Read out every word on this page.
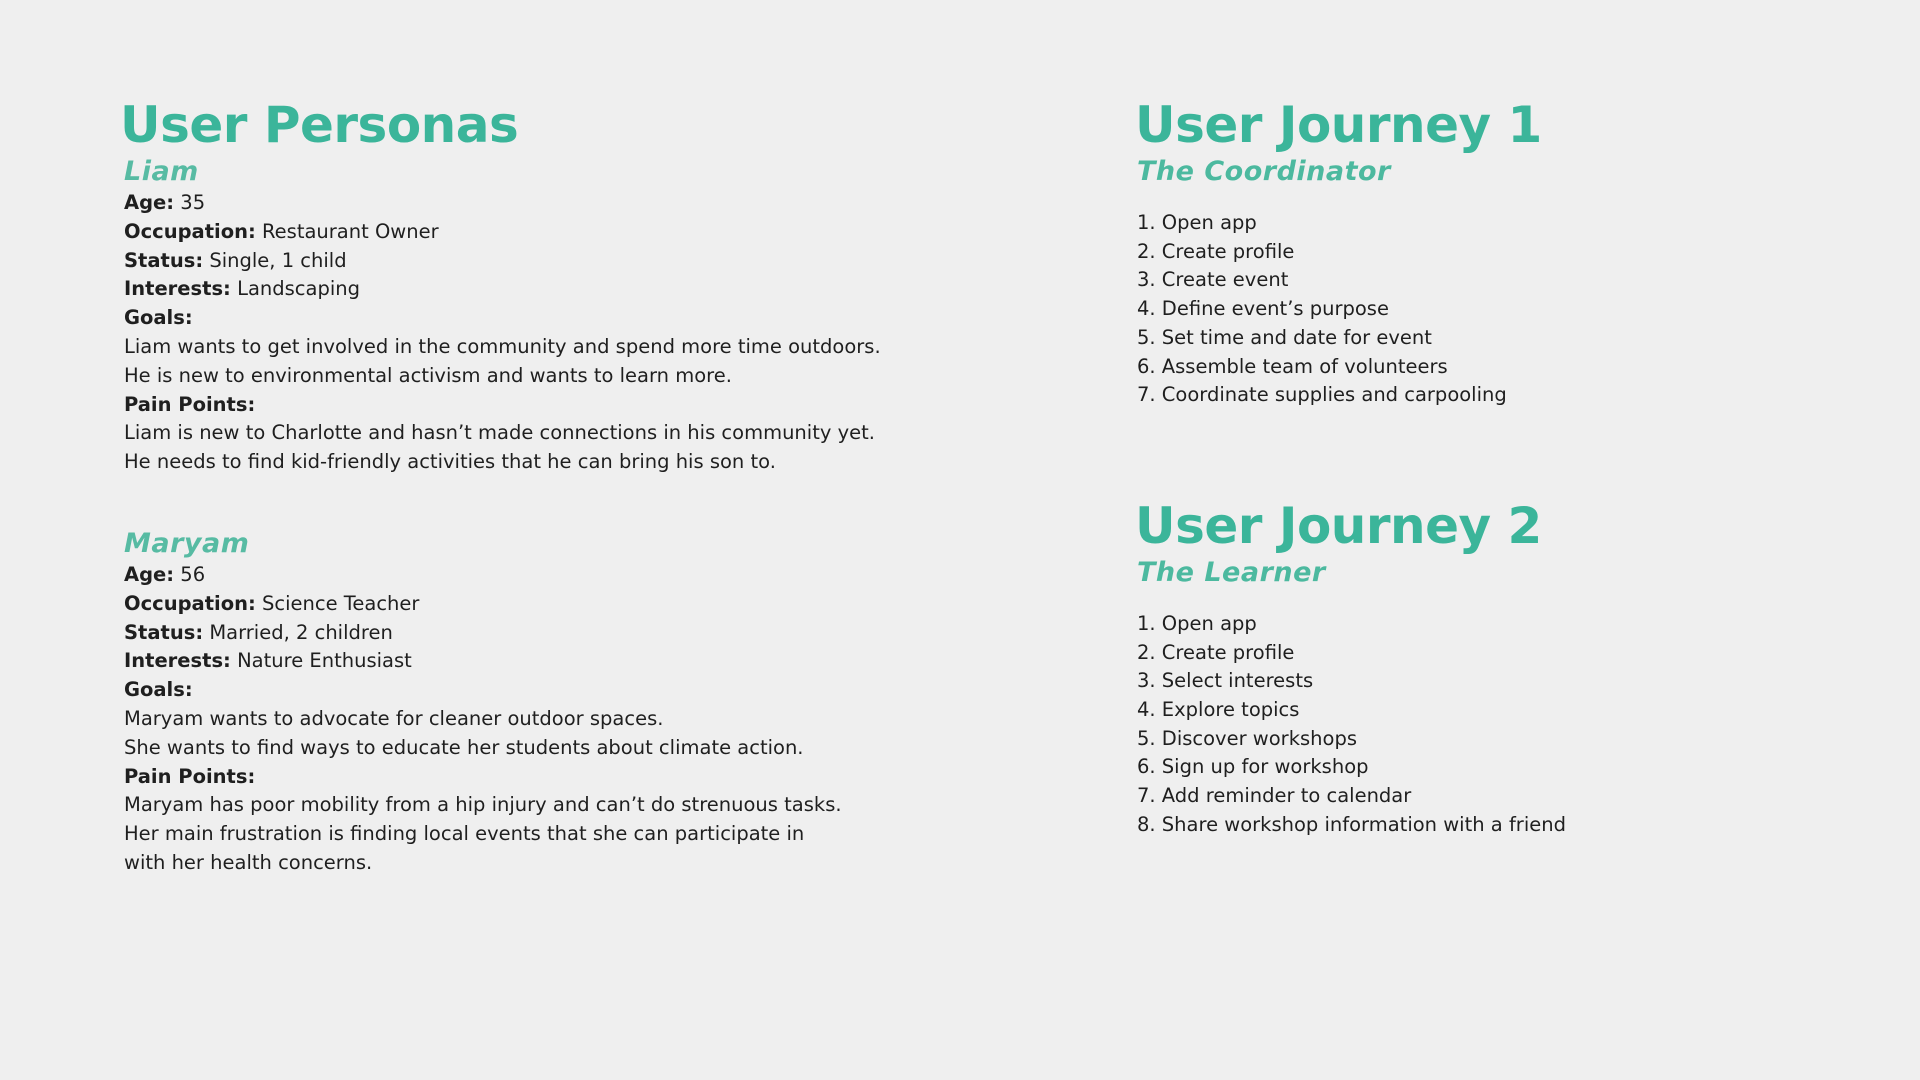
User Personas
Liam

Age: 35

Occupation: Restaurant Owner

Status: Single, 1 child

Interests: Landscaping

Goals:

Liam wants to get involved in the community and spend more time outdoors.

He is new to environmental activism and wants to learn more.

Pain Points:

Liam is new to Charlotte and hasn’t made connections in his community yet.

He needs to find kid-friendly activities that he can bring his son to.

Maryam

Age: 56

Occupation: Science Teacher

Status: Married, 2 children

Interests: Nature Enthusiast

Goals:

Maryam wants to advocate for cleaner outdoor spaces.

She wants to find ways to educate her students about climate action.

Pain Points:

Maryam has poor mobility from a hip injury and can’t do strenuous tasks.

Her main frustration is finding local events that she can participate in

with her health concerns.

User Journey 1
The Coordinator
1. Open app
2. Create profile
3. Create event
4. Define event’s purpose
5. Set time and date for event
6. Assemble team of volunteers
7. Coordinate supplies and carpooling
User Journey 2
The Learner
1. Open app
2. Create profile
3. Select interests
4. Explore topics
5. Discover workshops
6. Sign up for workshop
7. Add reminder to calendar
8. Share workshop information with a friend
